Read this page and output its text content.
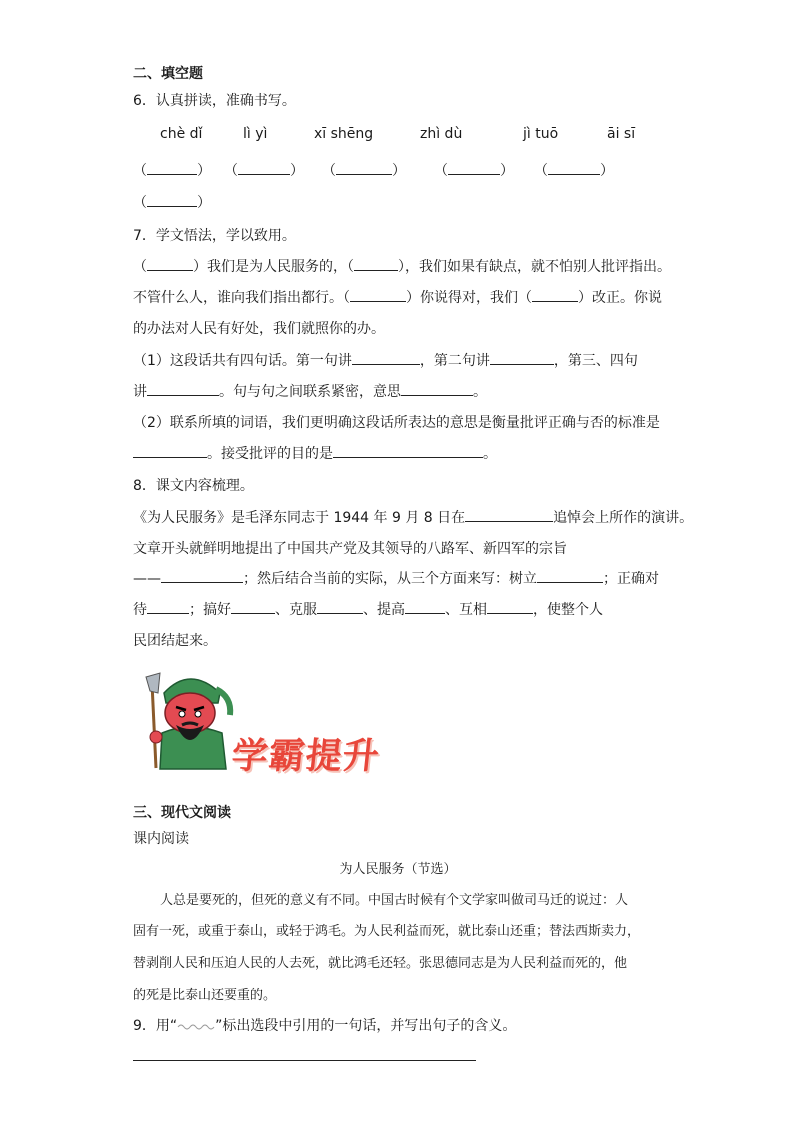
二、填空题
6．认真拼读，准确书写。
chè dǐ	lì yì	xī shēng	zhì dù	jì tuō	āi sī
（	） （	） （	） （	） （	）
（	）
7．学文悟法，学以致用。
（	）我们是为人民服务的，（	），我们如果有缺点，就不怕别人批评指出。
不管什么人，谁向我们指出都行。（	）你说得对，我们（	）改正。你说
的办法对人民有好处，我们就照你的办。
（1）这段话共有四句话。第一句讲	，第二句讲	，第三、四句
讲	。句与句之间联系紧密，意思	。
（2）联系所填的词语，我们更明确这段话所表达的意思是衡量批评正确与否的标准是
。接受批评的目的是	。
8．课文内容梳理。
《为人民服务》是毛泽东同志于 1944 年 9 月 8 日在	追悼会上所作的演讲。
文章开头就鲜明地提出了中国共产党及其领导的八路军、新四军的宗旨
——	；然后结合当前的实际，从三个方面来写：树立	；正确对
待	；搞好	、克服	、提高	、互相	，使整个人
民团结起来。
学霸提升
三、现代文阅读
课内阅读
为人民服务（节选）
人总是要死的，但死的意义有不同。中国古时候有个文学家叫做司马迁的说过：人
固有一死，或重于泰山，或轻于鸿毛。为人民利益而死，就比泰山还重；替法西斯卖力，
替剥削人民和压迫人民的人去死，就比鸿毛还轻。张思德同志是为人民利益而死的，他
的死是比泰山还要重的。
9．用“	”标出选段中引用的一句话，并写出句子的含义。
